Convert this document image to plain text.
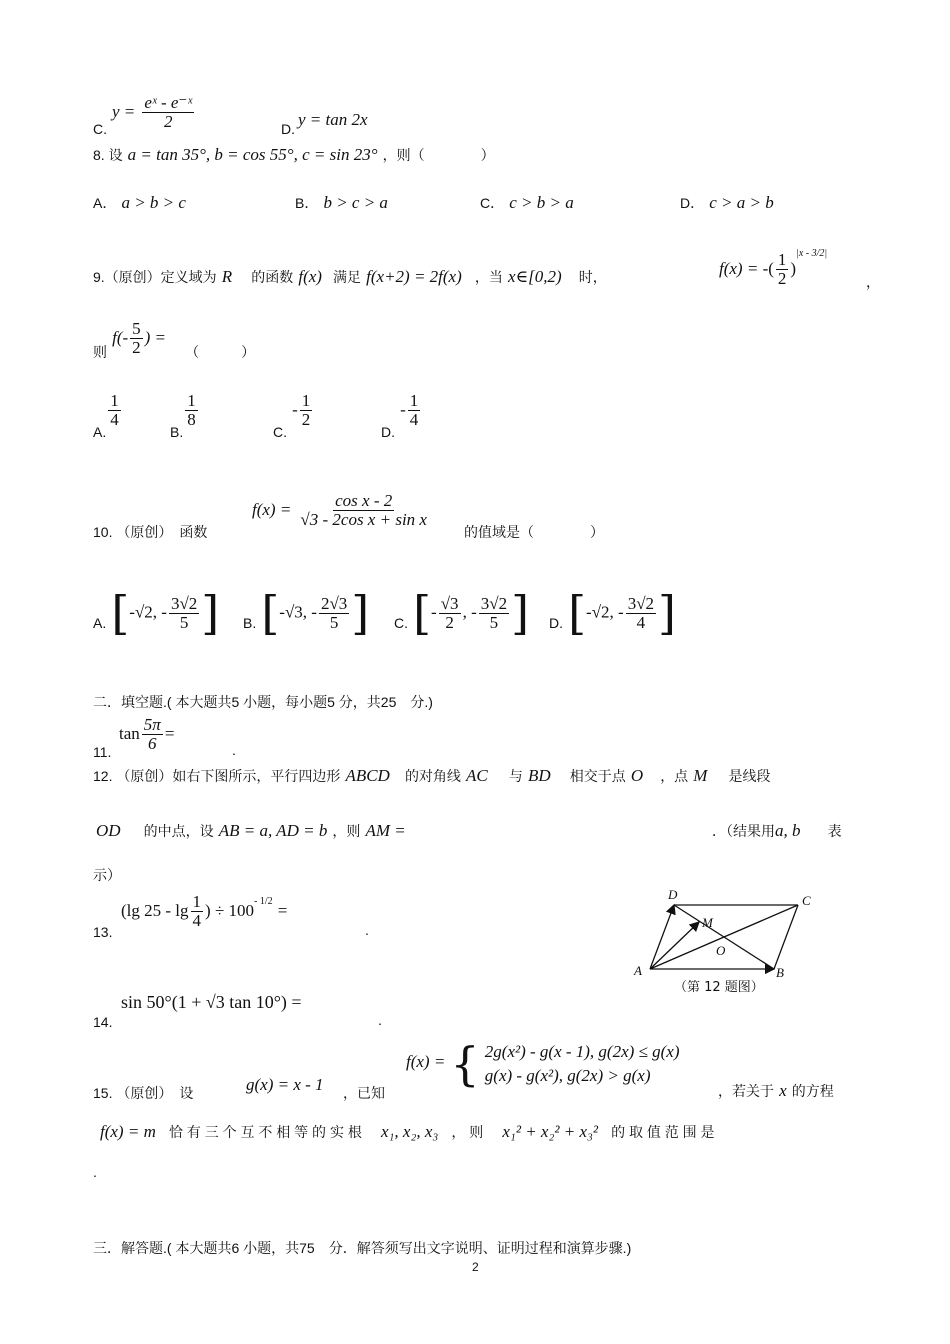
C.
$y = \frac{\text{eˣ - e⁻ˣ}}{2}$	D. y = tan 2x
8. 设 a = tan 35°, b = cos 55°, c = sin 23° ，则（　　　　）
A． a > b > c	B． b > c > a	C． c > b > a	D． c > a > b
9.（原创）定义域为 R 的函数 f(x) 满足 f(x+2) = 2f(x) ，当 x∈[0,2) 时，	f(x) = -( $\frac{1}{2} )^{|x - 3/2|}$
，
则 $f(- \frac{5}{2}$ ) = （　　　）
A.
$\frac{1}{4}$
B.
$\frac{1}{8}$
C. - $\frac{1}{2}$
D. - $\frac{1}{4}$
10. （原创）　函数
$f(x) = \frac{\text{cos x - 2}}{\text{√3 - 2cos x + sin x}}$
的值域是（　　　　）
A. [-√2, - $\frac{3√2}{5}$ ] B. [-√3, - $\frac{2√3}{5}$ ] C. [- $\frac{√3}{2}$ , - $\frac{3√2}{5}$ ] D. [-√2, - $\frac{3√2}{4}$ ]
二．填空题.( 本大题共5 小题，每小题5 分，共25　分.)
11.
$\tan \frac{5\pi}{6}$ =
.
12. （原创）如右下图所示，平行四边形 ABCD 的对角线 AC 与 BD 相交于点 O ，点 M 是线段
OD 的中点，设 AB = a, AD = b ，则 AM =	．（结果用a, b 表
示）
D	C
M
O
A	B
（第 12 题图）
13.
(lg $25 - \lg \frac{1}{4}$ ) ÷ $100^{- 1/2}$ =
.
14.
sin 50°(1 + √3 tan 10°) =
.
15. （原创）　设	g(x) = x - 1 ，已知
f(x) = { 2g(x²) - g(x - 1), g(2x) ≤ g(x)
g(x) - g(x²), g(2x) > g(x)
，若关于 x 的方程
f(x) = m 恰 有 三 个 互 不 相 等 的 实 根 x₁, x₂, x₃ ， 则 x₁² + x₂² + x₃² 的 取 值 范 围 是
.
三．解答题.( 本大题共6 小题，共75　分．解答须写出文字说明、证明过程和演算步骤.)
2
